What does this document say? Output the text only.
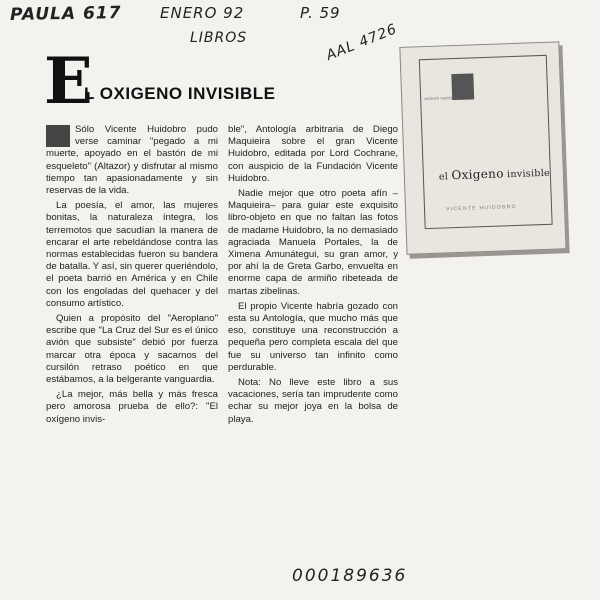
PAULA 617	ENERO 92	P. 59
LIBROS	AAL 4726
E
L OXIGENO INVISIBLE

Sólo Vicente Huidobro pudo verse caminar "pegado a mi muerte, apoyado en el bastón de mi esqueleto" (Altazor) y disfrutar al mismo tiempo tan apasionadamente y sin reservas de la vida.

La poesía, el amor, las mujeres bonitas, la naturaleza íntegra, los terremotos que sacudían la manera de encarar el arte rebeldándose contra las normas establecidas fueron su bandera de batalla. Y así, sin querer queriéndolo, el poeta barrió en América y en Chile con los engoladas del quehacer y del consumo artístico.

Quien a propósito del "Aeroplano" escribe que "La Cruz del Sur es el único avión que subsiste" debió por fuerza marcar otra época y sacarnos del cursilón retraso poético en que estábamos, a la belgerante vanguardia.

¿La mejor, más bella y más fresca pero amorosa prueba de ello?: "El oxígeno invis-

ble", Antología arbitraria de Diego Maquieira sobre el gran Vicente Huidobro, editada por Lord Cochrane, con auspicio de la Fundación Vicente Huidobro.

Nadie mejor que otro poeta afín –Maquieira– para guiar este exquisito libro-objeto en que no faltan las fotos de madame Huidobro, la no demasiado agraciada Manuela Portales, la de Ximena Amunátegui, su gran amor, y por ahí la de Greta Garbo, envuelta en enorme capa de armiño ribeteada de martas zibelinas.

El propio Vicente habría gozado con esta su Antología, que mucho más que eso, constituye una reconstrucción a pequeña pero completa escala del que fue su universo tan infinito como perdurable.

Nota: No lleve este libro a sus vacaciones, sería tan imprudente como echar su mejor joya en la bolsa de playa.

VICENTE HUIDOBRO
el Oxigeno invisible
VICENTE HUIDOBRO
000189636
